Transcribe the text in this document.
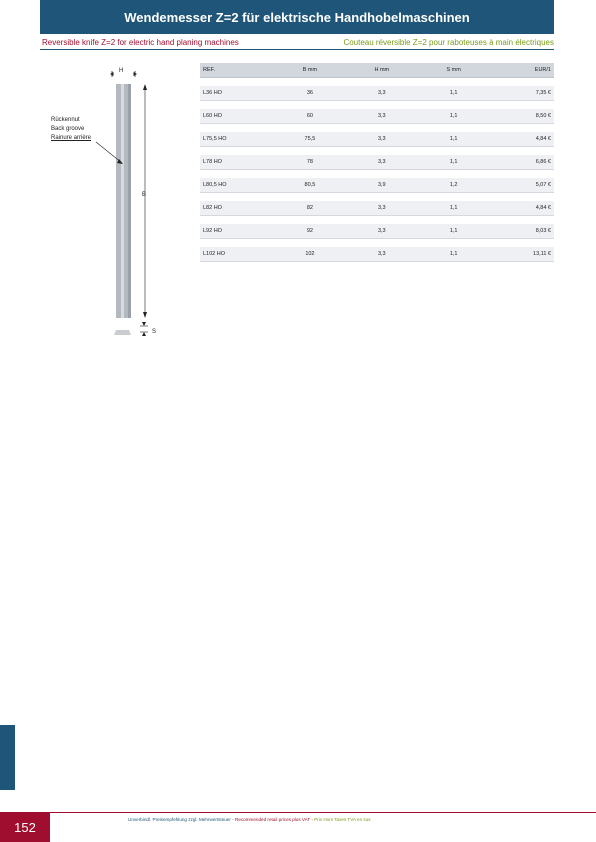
Wendemesser Z=2 für elektrische Handhobelmaschinen
Reversible knife Z=2 for electric hand planing machines	Couteau réversible Z=2 pour raboteuses à main électriques
H
B
S
Rückennut
Back groove
Rainure arrière
REF.	B mm	H mm	S mm	EUR/1

L36 HO	36	3,3	1,1	7,35 €

L60 HO	60	3,3	1,1	8,50 €

L75,5 HO	75,5	3,3	1,1	4,84 €

L78 HO	78	3,3	1,1	6,86 €

L80,5 HO	80,5	3,9	1,2	5,07 €

L82 HO	82	3,3	1,1	4,84 €

L92 HO	92	3,3	1,1	8,03 €

L102 HO	102	3,3	1,1	13,11 €
152	Unverbindl. Preisempfehlung zzgl. Mehrwertsteuer - Recommended retail prices plus VAT - Prix Hors Taxes TVA en sus
